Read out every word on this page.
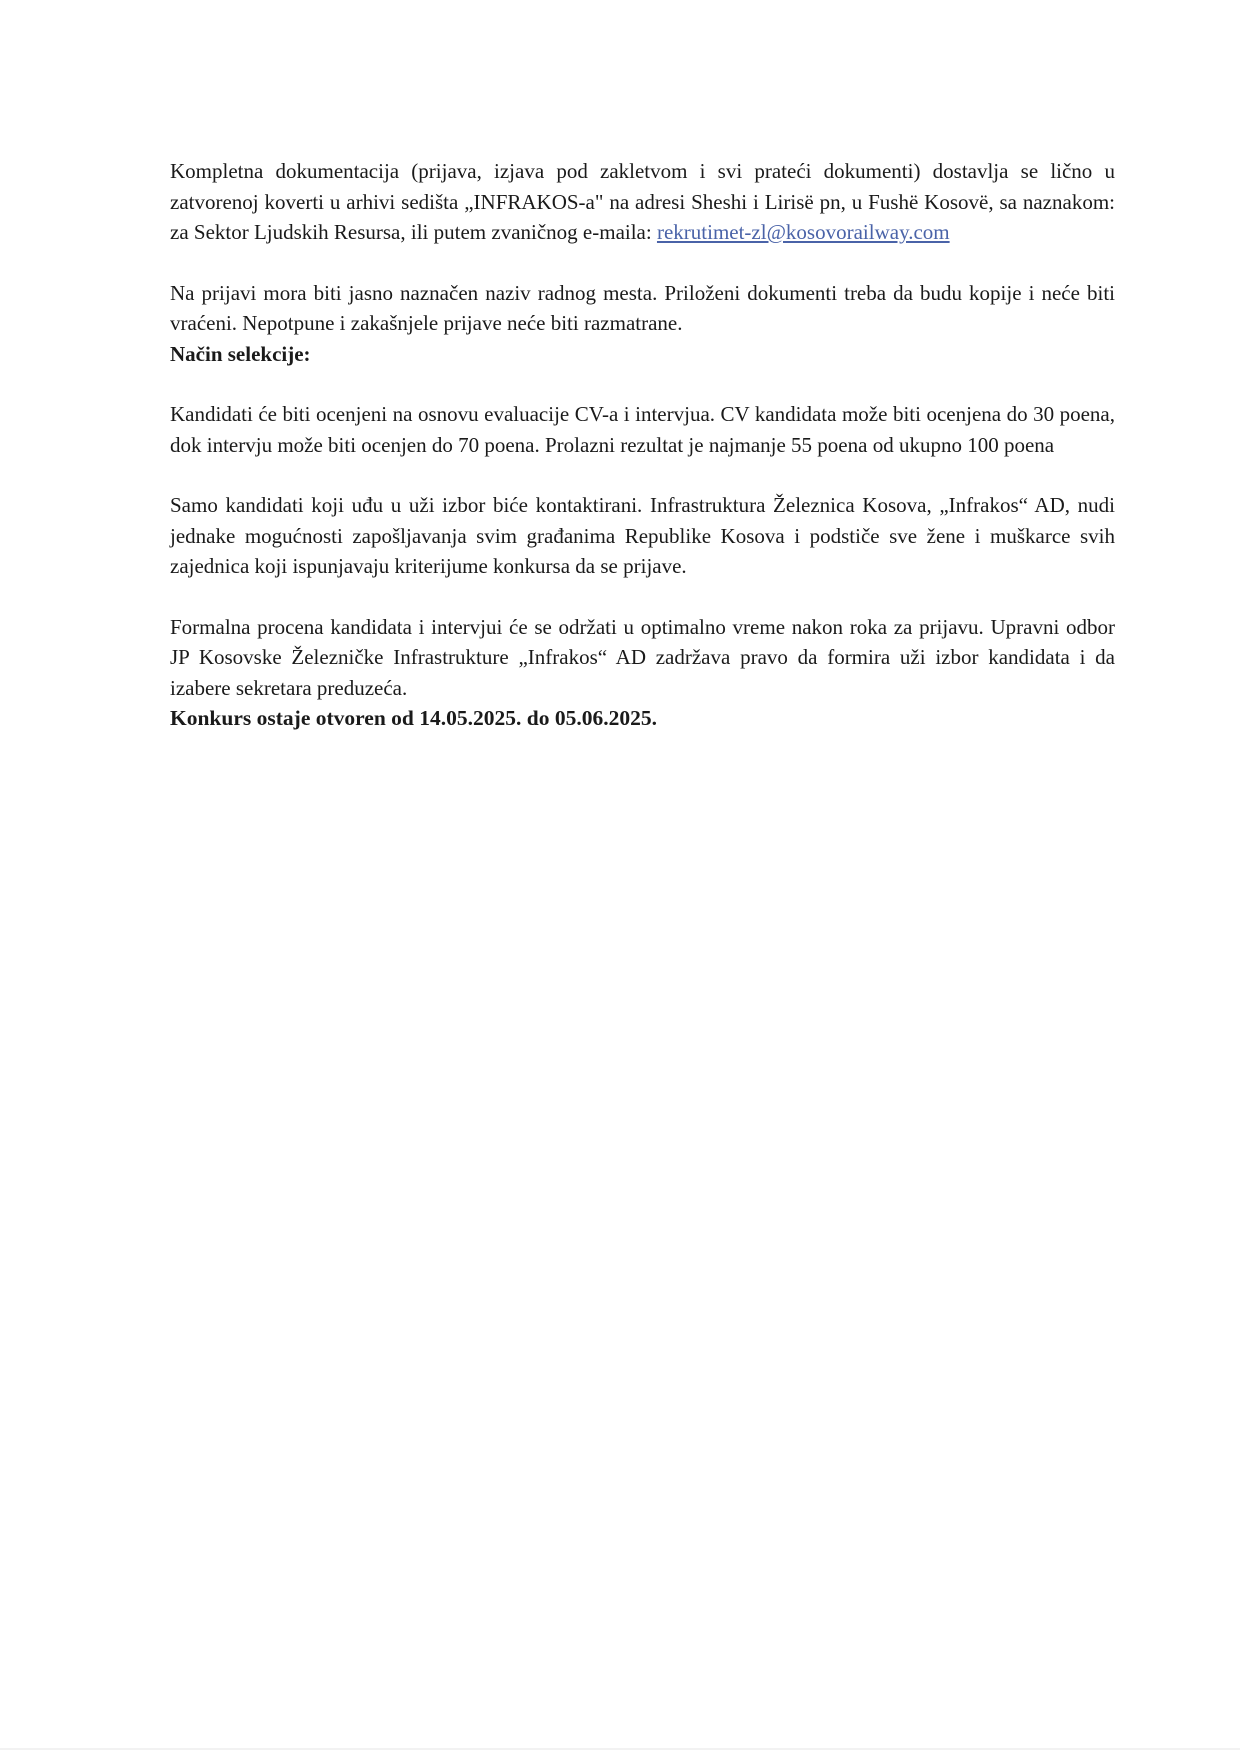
Kompletna dokumentacija (prijava, izjava pod zakletvom i svi prateći dokumenti) dostavlja se lično u zatvorenoj koverti u arhivi sedišta „INFRAKOS-a" na adresi Sheshi i Lirisë pn, u Fushë Kosovë, sa naznakom: za Sektor Ljudskih Resursa, ili putem zvaničnog e-maila: rekrutimet-zl@kosovorailway.com

Na prijavi mora biti jasno naznačen naziv radnog mesta. Priloženi dokumenti treba da budu kopije i neće biti vraćeni. Nepotpune i zakašnjele prijave neće biti razmatrane.

Način selekcije:

Kandidati će biti ocenjeni na osnovu evaluacije CV-a i intervjua. CV kandidata može biti ocenjena do 30 poena, dok intervju može biti ocenjen do 70 poena. Prolazni rezultat je najmanje 55 poena od ukupno 100 poena

Samo kandidati koji uđu u uži izbor biće kontaktirani. Infrastruktura Železnica Kosova, „Infrakos“ AD, nudi jednake mogućnosti zapošljavanja svim građanima Republike Kosova i podstiče sve žene i muškarce svih zajednica koji ispunjavaju kriterijume konkursa da se prijave.

Formalna procena kandidata i intervjui će se održati u optimalno vreme nakon roka za prijavu. Upravni odbor JP Kosovske Železničke Infrastrukture „Infrakos“ AD zadržava pravo da formira uži izbor kandidata i da izabere sekretara preduzeća.

Konkurs ostaje otvoren od 14.05.2025. do 05.06.2025.
